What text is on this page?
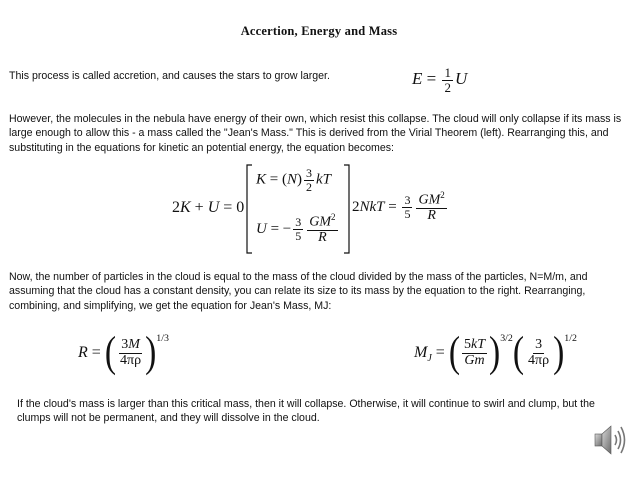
Accertion, Energy and Mass
This process is called accretion, and causes the stars to grow larger.	$E = \frac{1}{2}$ U
However, the molecules in the nebula have energy of their own, which resist this collapse. The cloud will only collapse if its mass is large enough to allow this - a mass called the "Jean's Mass." This is derived from the Virial Theorem (left). Rearranging this, and substituting in the equations for kinetic an potential energy, the equation becomes:
2K + U = 0
$K = (N) \frac{3}{2}$ kT
U = − $\frac{3}{5} \frac{GM^2}{R}$
$2NkT = \frac{3}{5} \frac{GM^2}{R}$
Now, the number of particles in the cloud is equal to the mass of the cloud divided by the mass of the particles, N=M/m, and assuming that the cloud has a constant density, you can relate its size to its mass by the equation to the right. Rearranging, combining, and simplifying, we get the equation for Jean's Mass, MJ:
R = ( $\frac{3M}{4\pi\rho} )^{1/3}$
$M_J$ = ( $\frac{5kT}{Gm} )^{3/2}( \frac{3}{4\pi\rho} )^{1/2}$
If the cloud's mass is larger than this critical mass, then it will collapse. Otherwise, it will continue to swirl and clump, but the clumps will not be permanent, and they will dissolve in the cloud.
